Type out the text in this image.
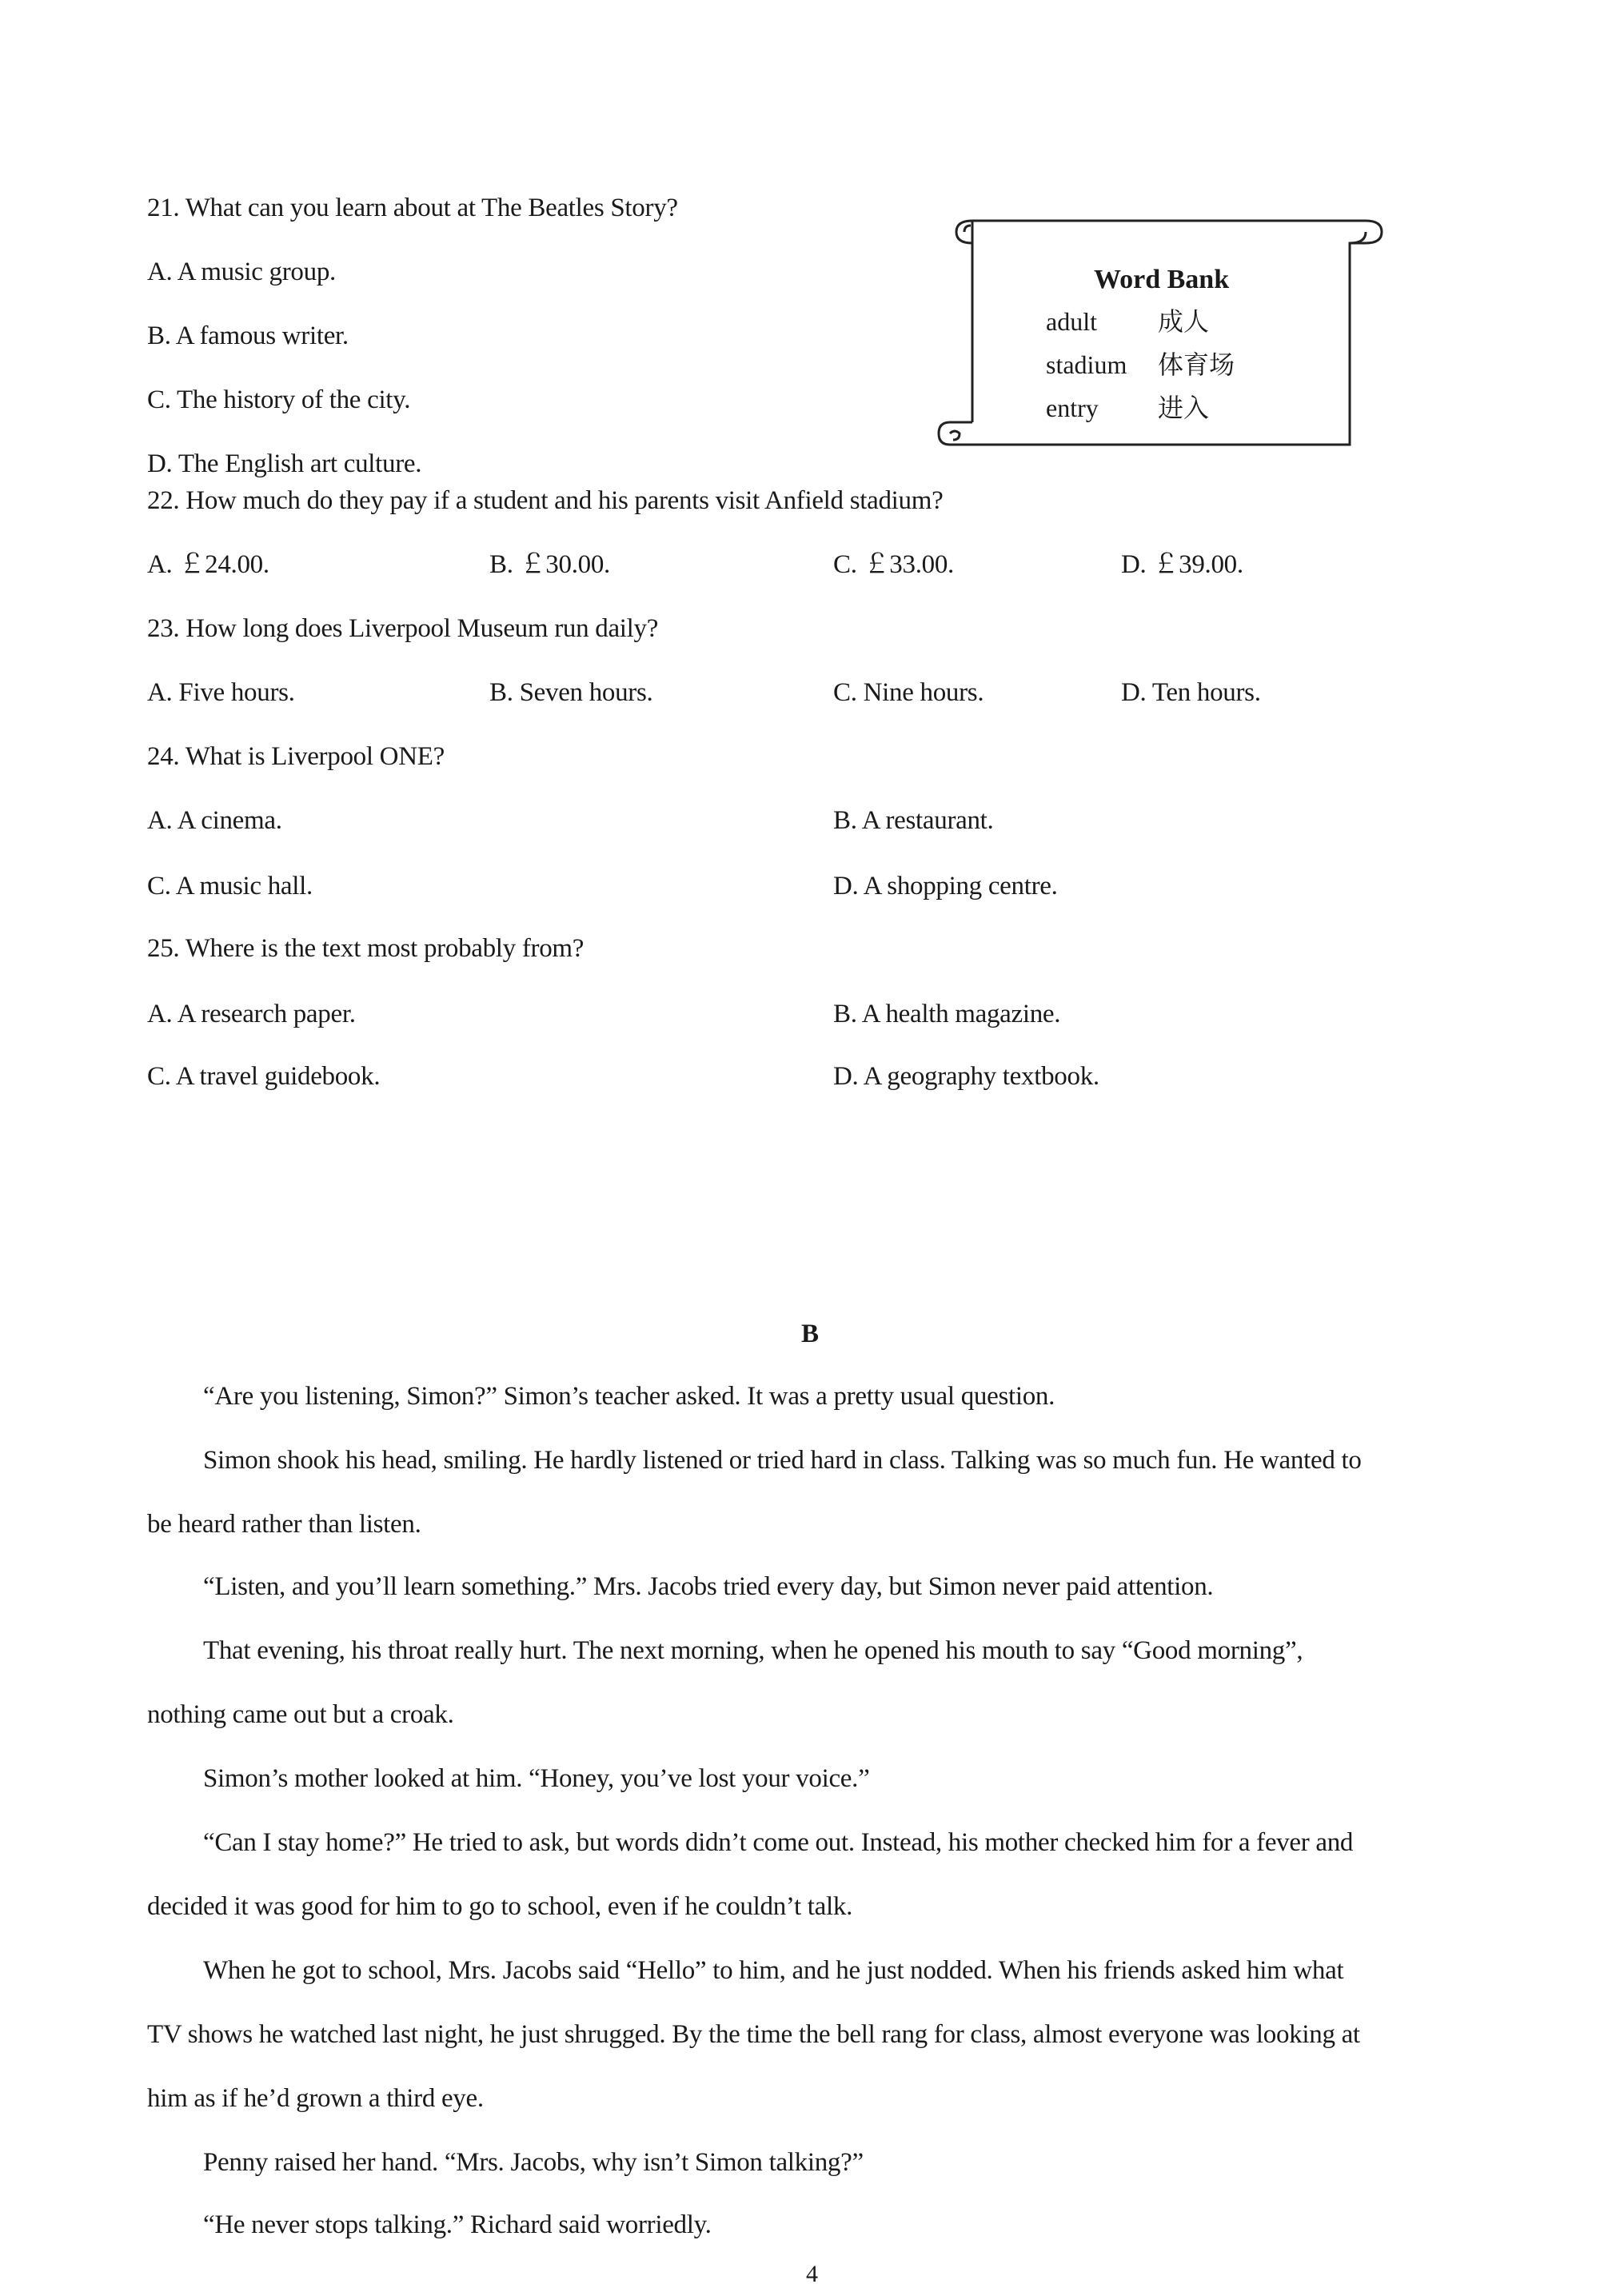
21. What can you learn about at The Beatles Story?
A. A music group.
B. A famous writer.
C. The history of the city.
D. The English art culture.
Word Bank
adult 成人
stadium 体育场
entry 进入
22. How much do they pay if a student and his parents visit Anfield stadium?
A. ￡24.00.	B. ￡30.00.	C. ￡33.00.	D. ￡39.00.
23. How long does Liverpool Museum run daily?
A. Five hours.	B. Seven hours.	C. Nine hours.	D. Ten hours.
24. What is Liverpool ONE?
A. A cinema.	B. A restaurant.
C. A music hall.	D. A shopping centre.
25. Where is the text most probably from?
A. A research paper.	B. A health magazine.
C. A travel guidebook.	D. A geography textbook.
B
“Are you listening, Simon?” Simon’s teacher asked. It was a pretty usual question.
Simon shook his head, smiling. He hardly listened or tried hard in class. Talking was so much fun. He wanted to
be heard rather than listen.
“Listen, and you’ll learn something.” Mrs. Jacobs tried every day, but Simon never paid attention.
That evening, his throat really hurt. The next morning, when he opened his mouth to say “Good morning”,
nothing came out but a croak.
Simon’s mother looked at him. “Honey, you’ve lost your voice.”
“Can I stay home?” He tried to ask, but words didn’t come out. Instead, his mother checked him for a fever and
decided it was good for him to go to school, even if he couldn’t talk.
When he got to school, Mrs. Jacobs said “Hello” to him, and he just nodded. When his friends asked him what
TV shows he watched last night, he just shrugged. By the time the bell rang for class, almost everyone was looking at
him as if he’d grown a third eye.
Penny raised her hand. “Mrs. Jacobs, why isn’t Simon talking?”
“He never stops talking.” Richard said worriedly.
4
